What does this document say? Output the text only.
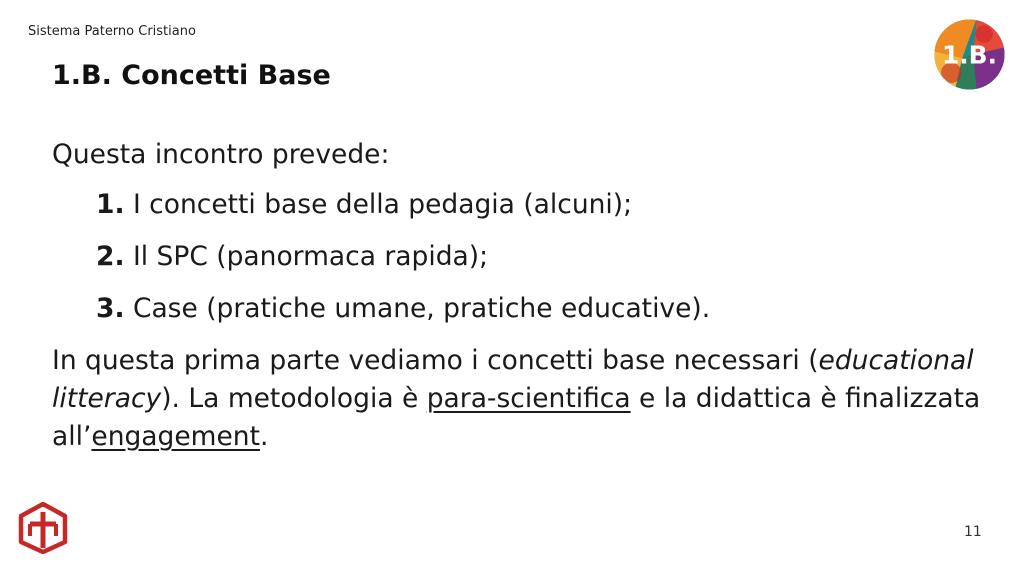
Sistema Paterno Cristiano
1.B. Concetti Base
1.B.

Questa incontro prevede:

1. I concetti base della pedagia (alcuni);
2. Il SPC (panormaca rapida);
3. Case (pratiche umane, pratiche educative).

In questa prima parte vediamo i concetti base necessari (educational litteracy). La metodologia è para-scientifica e la didattica è finalizzata all’engagement.

11
